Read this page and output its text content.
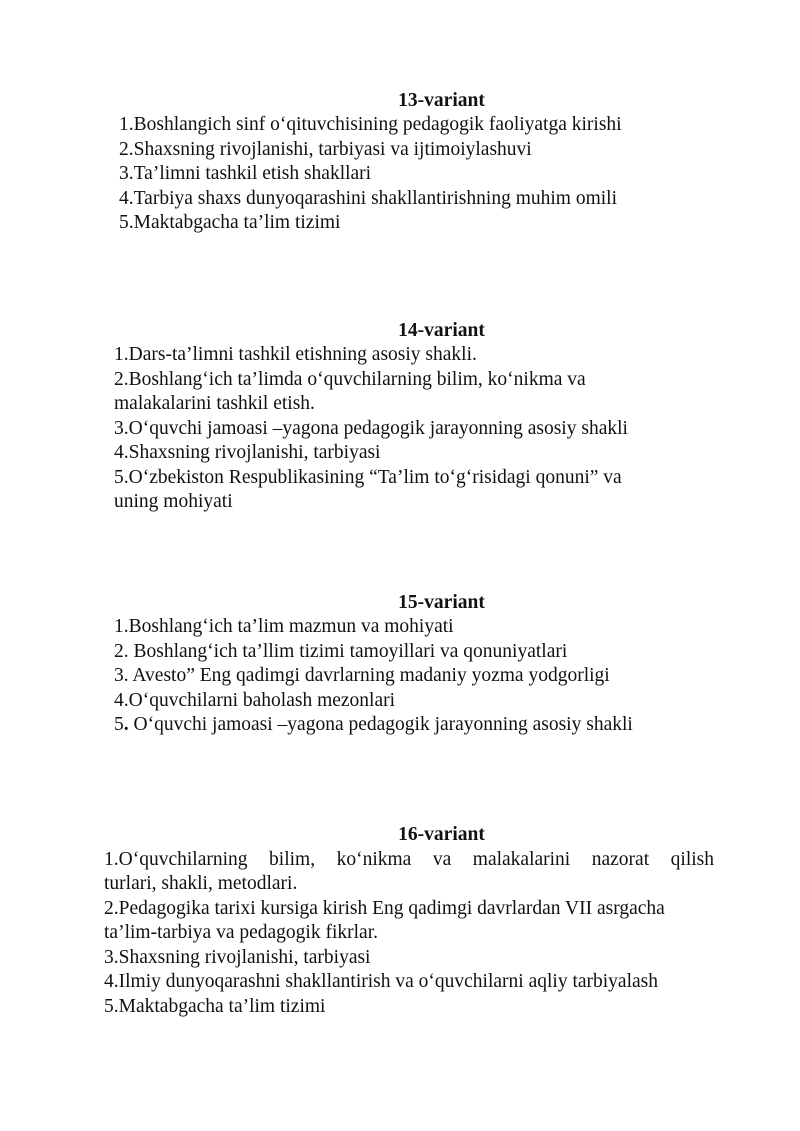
13-variant

1.Boshlangich sinf o‘qituvchisining pedagogik faoliyatga kirishi

2.Shaxsning rivojlanishi, tarbiyasi va ijtimoiylashuvi

3.Ta’limni tashkil etish shakllari

4.Tarbiya shaxs dunyoqarashini shakllantirishning muhim omili

5.Maktabgacha ta’lim tizimi

14-variant

1.Dars-ta’limni tashkil etishning asosiy shakli.

2.Boshlang‘ich ta’limda o‘quvchilarning bilim, ko‘nikma va

malakalarini tashkil etish.

3.O‘quvchi jamoasi –yagona pedagogik jarayonning asosiy shakli

4.Shaxsning rivojlanishi, tarbiyasi

5.O‘zbekiston Respublikasining “Ta’lim to‘g‘risidagi qonuni” va

uning mohiyati

15-variant

1.Boshlang‘ich ta’lim mazmun va mohiyati

2. Boshlang‘ich ta’llim tizimi tamoyillari va qonuniyatlari

3. Avesto” Eng qadimgi davrlarning madaniy yozma yodgorligi

4.O‘quvchilarni baholash mezonlari

5. O‘quvchi jamoasi –yagona pedagogik jarayonning asosiy shakli

16-variant

1.O‘quvchilarning bilim, ko‘nikma va malakalarini nazorat qilish

turlari, shakli, metodlari.

2.Pedagogika tarixi kursiga kirish Eng qadimgi davrlardan VII asrgacha

ta’lim-tarbiya va pedagogik fikrlar.

3.Shaxsning rivojlanishi, tarbiyasi

4.Ilmiy dunyoqarashni shakllantirish va o‘quvchilarni aqliy tarbiyalash

5.Maktabgacha ta’lim tizimi
